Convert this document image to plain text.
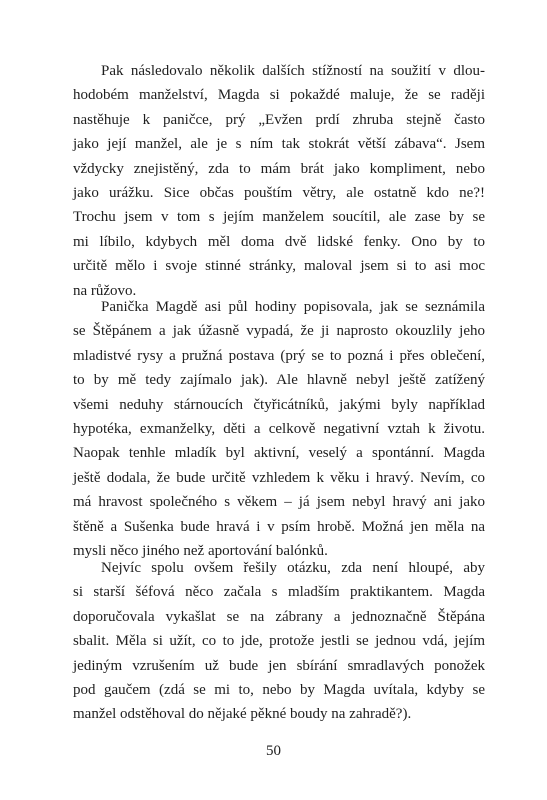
Pak následovalo několik dalších stížností na soužití v dlou-
hodobém manželství, Magda si pokaždé maluje, že se raději
nastěhuje k paničce, prý „Evžen prdí zhruba stejně často
jako její manžel, ale je s ním tak stokrát větší zábava“. Jsem
vždycky znejistěný, zda to mám brát jako kompliment, nebo
jako urážku. Sice občas pouštím větry, ale ostatně kdo ne?!
Trochu jsem v tom s jejím manželem soucítil, ale zase by se
mi líbilo, kdybych měl doma dvě lidské fenky. Ono by to
určitě mělo i svoje stinné stránky, maloval jsem si to asi moc
na růžovo.
Panička Magdě asi půl hodiny popisovala, jak se seznámila
se Štěpánem a jak úžasně vypadá, že ji naprosto okouzlily jeho
mladistvé rysy a pružná postava (prý se to pozná i přes oblečení,
to by mě tedy zajímalo jak). Ale hlavně nebyl ještě zatížený
všemi neduhy stárnoucích čtyřicátníků, jakými byly například
hypotéka, exmanželky, děti a celkově negativní vztah k životu.
Naopak tenhle mladík byl aktivní, veselý a spontánní. Magda
ještě dodala, že bude určitě vzhledem k věku i hravý. Nevím, co
má hravost společného s věkem – já jsem nebyl hravý ani jako
štěně a Sušenka bude hravá i v psím hrobě. Možná jen měla na
mysli něco jiného než aportování balónků.
Nejvíc spolu ovšem řešily otázku, zda není hloupé, aby
si starší šéfová něco začala s mladším praktikantem. Magda
doporučovala vykašlat se na zábrany a jednoznačně Štěpána
sbalit. Měla si užít, co to jde, protože jestli se jednou vdá, jejím
jediným vzrušením už bude jen sbírání smradlavých ponožek
pod gaučem (zdá se mi to, nebo by Magda uvítala, kdyby se
manžel odstěhoval do nějaké pěkné boudy na zahradě?).
50
